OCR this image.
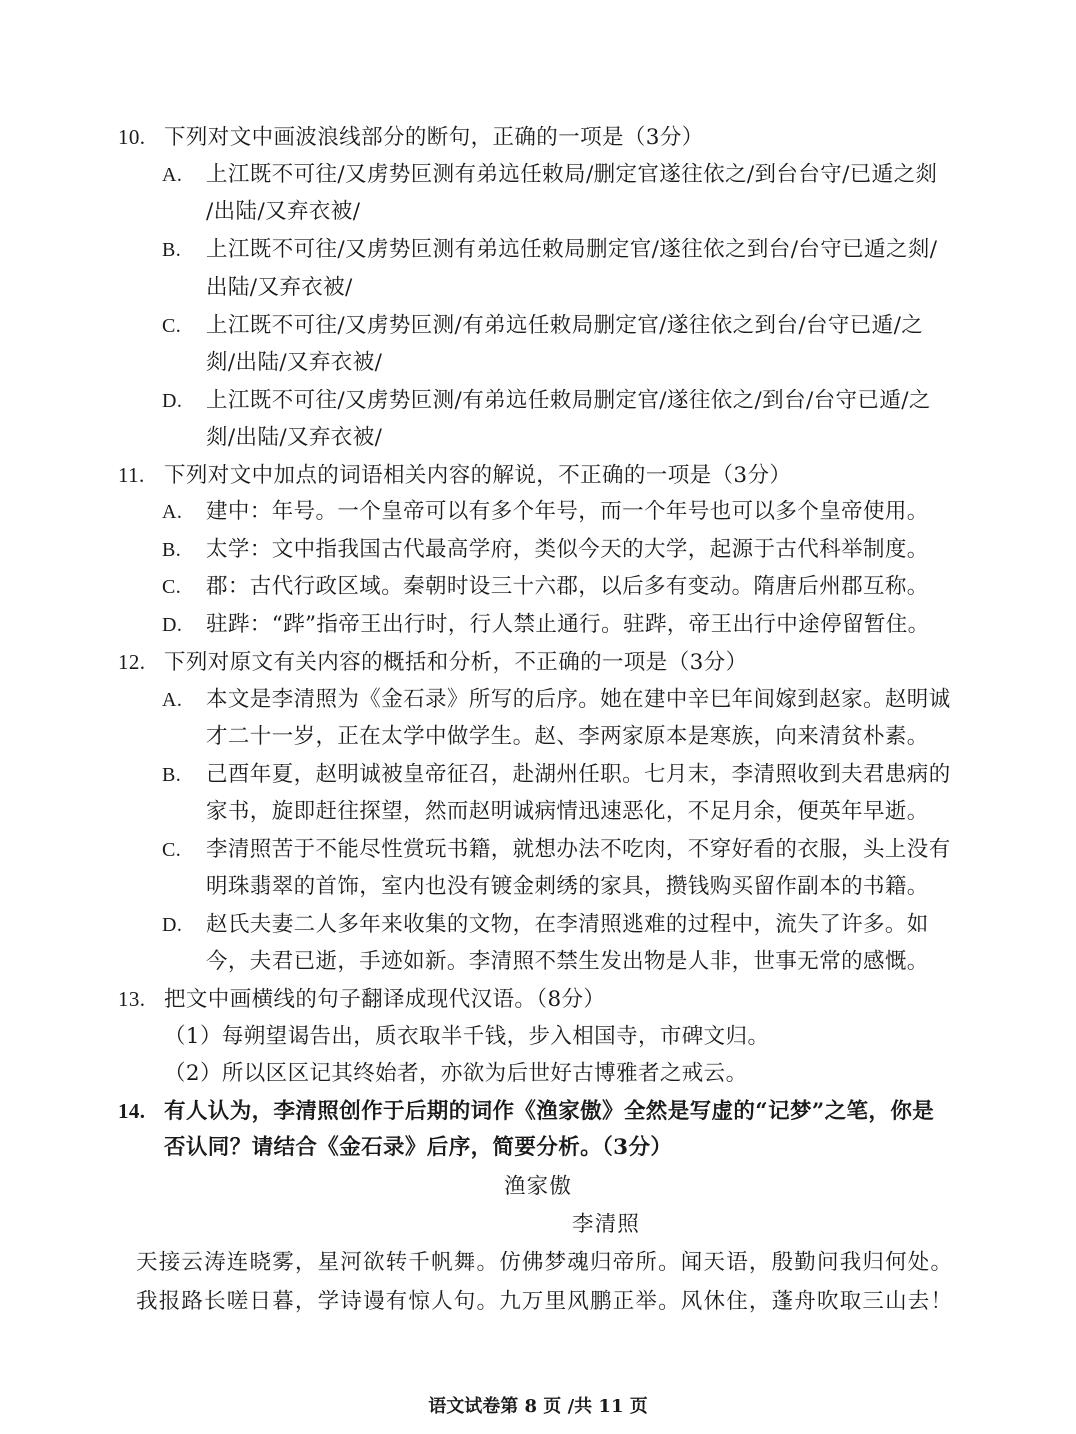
10. 下列对文中画波浪线部分的断句，正确的一项是（3分）
A. 上江既不可往/又虏势叵测有弟迒任敕局/删定官遂往依之/到台台守/已遁之剡
/出陆/又弃衣被/
B. 上江既不可往/又虏势叵测有弟迒任敕局删定官/遂往依之到台/台守已遁之剡/
出陆/又弃衣被/
C. 上江既不可往/又虏势叵测/有弟迒任敕局删定官/遂往依之到台/台守已遁/之
剡/出陆/又弃衣被/
D. 上江既不可往/又虏势叵测/有弟迒任敕局删定官/遂往依之/到台/台守已遁/之
剡/出陆/又弃衣被/
11. 下列对文中加点的词语相关内容的解说，不正确的一项是（3分）
A. 建中：年号。一个皇帝可以有多个年号，而一个年号也可以多个皇帝使用。
B. 太学：文中指我国古代最高学府，类似今天的大学，起源于古代科举制度。
C. 郡：古代行政区域。秦朝时设三十六郡，以后多有变动。隋唐后州郡互称。
D. 驻跸：“跸”指帝王出行时，行人禁止通行。驻跸，帝王出行中途停留暂住。
12. 下列对原文有关内容的概括和分析，不正确的一项是（3分）
A. 本文是李清照为《金石录》所写的后序。她在建中辛巳年间嫁到赵家。赵明诚
才二十一岁，正在太学中做学生。赵、李两家原本是寒族，向来清贫朴素。
B. 己酉年夏，赵明诚被皇帝征召，赴湖州任职。七月末，李清照收到夫君患病的
家书，旋即赶往探望，然而赵明诚病情迅速恶化，不足月余，便英年早逝。
C. 李清照苦于不能尽性赏玩书籍，就想办法不吃肉，不穿好看的衣服，头上没有
明珠翡翠的首饰，室内也没有镀金刺绣的家具，攒钱购买留作副本的书籍。
D. 赵氏夫妻二人多年来收集的文物，在李清照逃难的过程中，流失了许多。如
今，夫君已逝，手迹如新。李清照不禁生发出物是人非，世事无常的感慨。
13. 把文中画横线的句子翻译成现代汉语。（8分）
（1）每朔望谒告出，质衣取半千钱，步入相国寺，市碑文归。
（2）所以区区记其终始者，亦欲为后世好古博雅者之戒云。
14. 有人认为，李清照创作于后期的词作《渔家傲》全然是写虚的“记梦”之笔，你是
否认同？请结合《金石录》后序，简要分析。（3分）
渔家傲
李清照
天接云涛连晓雾，星河欲转千帆舞。仿佛梦魂归帝所。闻天语，殷勤问我归何处。
我报路长嗟日暮，学诗谩有惊人句。九万里风鹏正举。风休住，蓬舟吹取三山去！
语文试卷第 8 页 /共 11 页
